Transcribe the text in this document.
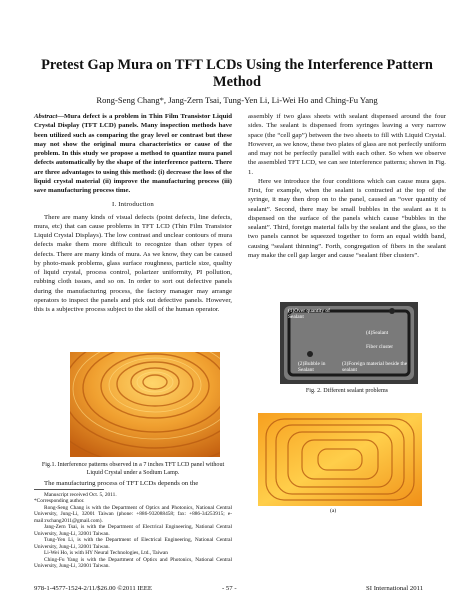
Pretest Gap Mura on TFT LCDs Using the Interference Pattern Method
Rong-Seng Chang*, Jang-Zern Tsai, Tung-Yen Li, Li-Wei Ho and Ching-Fu Yang

Abstract—Mura defect is a problem in Thin Film Transistor Liquid Crystal Display (TFT LCD) panels. Many inspection methods have been utilized such as comparing the gray level or contrast but these may not show the original mura characteristics or cause of the problem. In this study we propose a method to quantize mura panel defects automatically by the shape of the interference pattern. There are three advantages to using this method: (i) decrease the loss of the liquid crystal material (ii) improve the manufacturing process (iii) save manufacturing process time.

I. Introduction

There are many kinds of visual defects (point defects, line defects, mura, etc) that can cause problems in TFT LCD (Thin Film Transistor Liquid Crystal Displays). The low contrast and unclear contours of mura defects make them more difficult to recognize than other types of defects. There are many kinds of mura. As we know, they can be caused by photo-mask problems, glass surface roughness, particle size, quality of liquid crystal, process control, polarizer uniformity, PI pollution, rubbing cloth issues, and so on. In order to sort out defective panels during the manufacturing process, the factory manager may arrange operators to inspect the panels and pick out defective panels. However, this is a subjective process subject to the skill of the human operator.

Fig.1. Interference patterns observed in a 7 inches TFT LCD panel without Liquid Crystal under a Sodium Lamp.
The manufacturing process of TFT LCDs depends on the

Manuscript received Oct. 5, 2011.

*Corresponding author.

Rong-Seng Chang is with the Department of Optics and Photonics, National Central University, Jung-Li, 32001 Taiwan (phone: +886-932088458; fax: +886-34253915; e-mail:rschang2011@gmail.com).

Jang-Zern Tsai, is with the Department of Electrical Engineering, National Central University, Jung-Li, 32001 Taiwan.

Tung-Yen Li, is with the Department of Electrical Engineering, National Central University, Jung-Li, 32001 Taiwan.

Li-Wei Ho, is with HY Neural Technologies, Ltd., Taiwan

Ching-Fu Yang is with the Department of Optics and Photonics, National Central University, Jung-Li, 32001 Taiwan.

assembly if two glass sheets with sealant dispensed around the four sides. The sealant is dispensed from syringes leaving a very narrow space (the “cell gap”) between the two sheets to fill with Liquid Crystal. However, as we know, these two plates of glass are not perfectly uniform and may not be perfectly parallel with each other. So when we observe the assembled TFT LCD, we can see interference patterns; shown in Fig. 1.

Here we introduce the four conditions which can cause mura gaps. First, for example, when the sealant is contracted at the top of the syringe, it may then drop on to the panel, caused an “over quantity of sealant”. Second, there may be small bubbles in the sealant as it is dispensed on the surface of the panels which cause “bubbles in the sealant”. Third, foreign material falls by the sealant and the glass, so the two panels cannot be squeezed together to form an equal width band, causing “sealant thinning”. Forth, congregation of fibers in the sealant may make the cell gap larger and cause “sealant fiber clusters”.

(1)Over quantity of Sealant
(4)Sealant
Fiber cluster
(2)Bubble in Sealant
(3)Foreign material beside the sealant
Fig. 2. Different sealant problems
(a)
978-1-4577-1524-2/11/$26.00 ©2011 IEEE	- 57 -	SI International 2011
